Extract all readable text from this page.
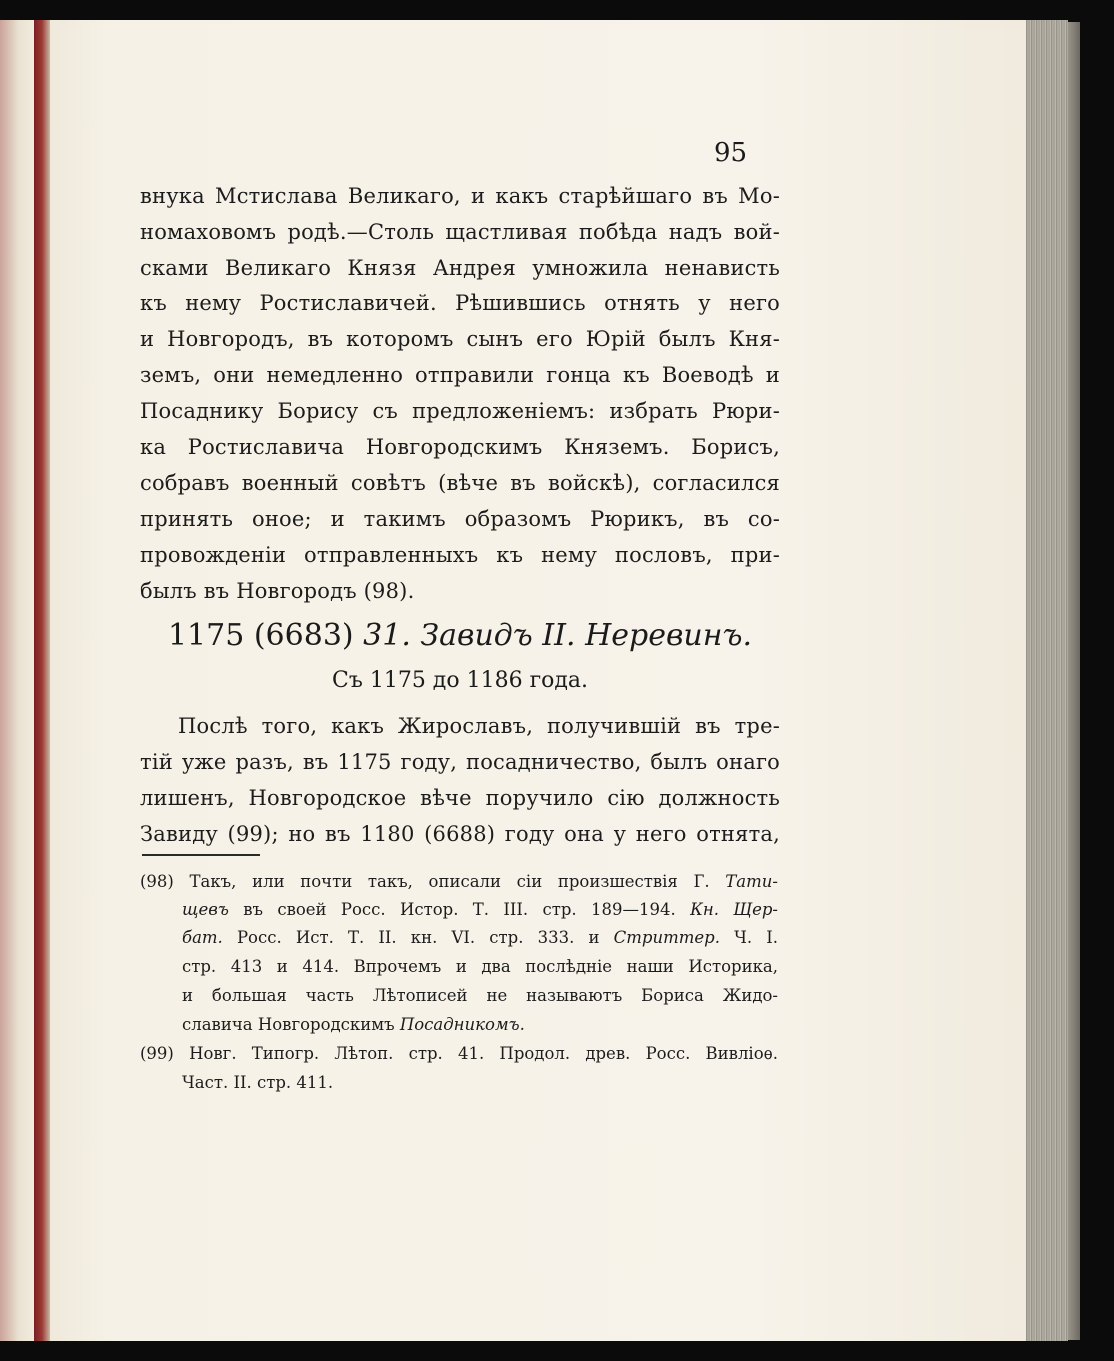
95
внука Мстислава Великаго, и какъ старѣйшаго въ Мо-
номаховомъ родѣ.—Столь щастливая побѣда надъ вой-
сками Великаго Князя Андрея умножила ненависть
къ нему Ростиславичей. Рѣшившись отнять у него
и Новгородъ, въ которомъ сынъ его Юрій былъ Кня-
земъ, они немедленно отправили гонца къ Воеводѣ и
Посаднику Борису съ предложеніемъ: избрать Рюри-
ка Ростиславича Новгородскимъ Княземъ. Борисъ,
собравъ военный совѣтъ (вѣче въ войскѣ), согласился
принять оное; и такимъ образомъ Рюрикъ, въ со-
провожденіи отправленныхъ къ нему пословъ, при-
былъ въ Новгородъ (98).
1175 (6683) 31. Завидъ II. Неревинъ.
Съ 1175 до 1186 года.
Послѣ того, какъ Жирославъ, получившій въ тре-
тій уже разъ, въ 1175 году, посадничество, былъ онаго
лишенъ, Новгородское вѣче поручило сію должность
Завиду (99); но въ 1180 (6688) году она у него отнята,
(98) Такъ, или почти такъ, описали сіи произшествія Г. Тати-
щевъ въ своей Росс. Истор. Т. III. стр. 189—194. Кн. Щер-
бат. Росс. Ист. Т. II. кн. VI. стр. 333. и Стриттер. Ч. I.
стр. 413 и 414. Впрочемъ и два послѣдніе наши Историка,
и большая часть Лѣтописей не называютъ Бориса Жидо-
славича Новгородскимъ Посадникомъ.
(99) Новг. Типогр. Лѣтоп. стр. 41. Продол. древ. Росс. Вивліоѳ.
Част. II. стр. 411.
